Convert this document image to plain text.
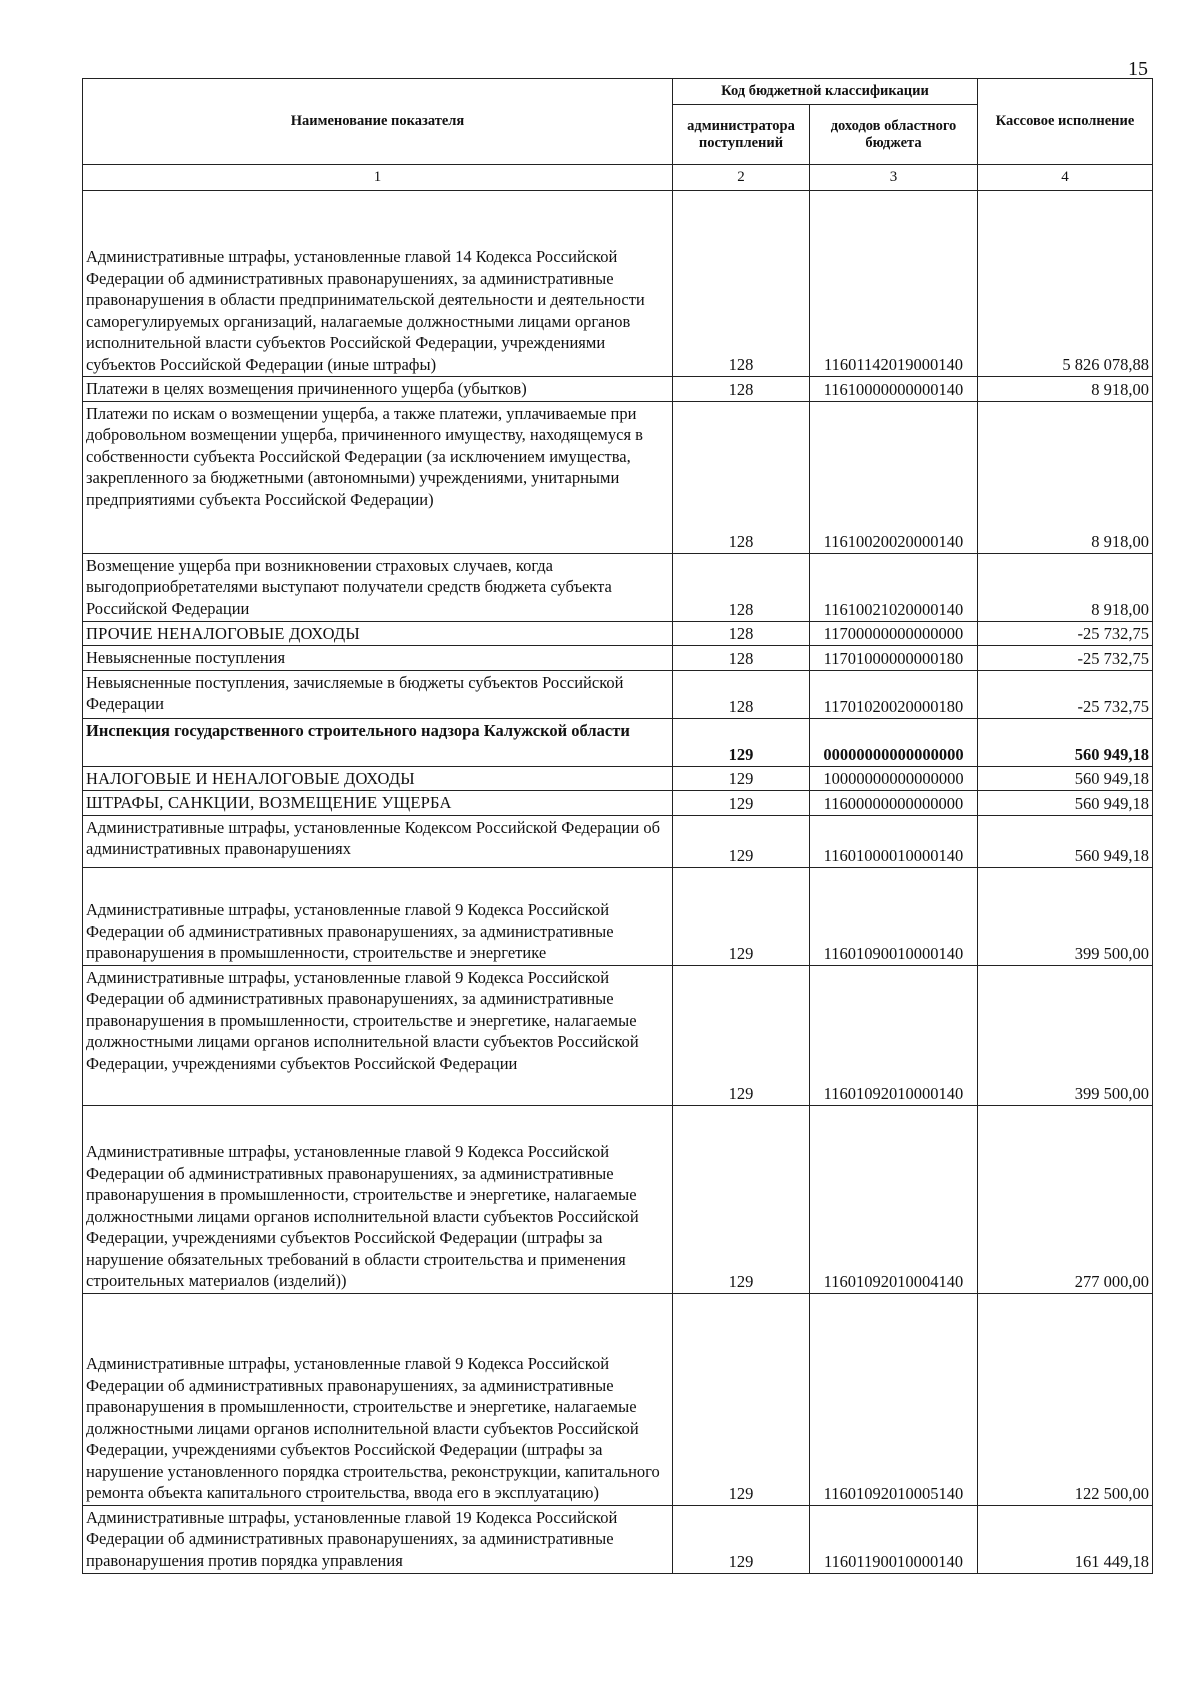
15
Наименование показателя	Код бюджетной классификации		Кассовое исполнение
	администратора поступлений	доходов областного бюджета	
1	2	3	4
Административные штрафы, установленные главой 14 Кодекса Российской Федерации об административных правонарушениях, за административные правонарушения в области предпринимательской деятельности и деятельности саморегулируемых организаций, налагаемые должностными лицами органов исполнительной власти субъектов Российской Федерации, учреждениями субъектов Российской Федерации (иные штрафы)	128	11601142019000140	5 826 078,88
Платежи в целях возмещения причиненного ущерба (убытков)	128	11610000000000140	8 918,00
Платежи по искам о возмещении ущерба, а также платежи, уплачиваемые при добровольном возмещении ущерба, причиненного имуществу, находящемуся в собственности субъекта Российской Федерации (за исключением имущества, закрепленного за бюджетными (автономными) учреждениями, унитарными предприятиями субъекта Российской Федерации)	128	11610020020000140	8 918,00
Возмещение ущерба при возникновении страховых случаев, когда выгодоприобретателями выступают получатели средств бюджета субъекта Российской Федерации	128	11610021020000140	8 918,00
ПРОЧИЕ НЕНАЛОГОВЫЕ ДОХОДЫ	128	11700000000000000	-25 732,75
Невыясненные поступления	128	11701000000000180	-25 732,75
Невыясненные поступления, зачисляемые в бюджеты субъектов Российской Федерации	128	11701020020000180	-25 732,75
Инспекция государственного строительного надзора Калужской области	129	00000000000000000	560 949,18
НАЛОГОВЫЕ И НЕНАЛОГОВЫЕ ДОХОДЫ	129	10000000000000000	560 949,18
ШТРАФЫ, САНКЦИИ, ВОЗМЕЩЕНИЕ УЩЕРБА	129	11600000000000000	560 949,18
Административные штрафы, установленные Кодексом Российской Федерации об административных правонарушениях	129	11601000010000140	560 949,18
Административные штрафы, установленные главой 9 Кодекса Российской Федерации об административных правонарушениях, за административные правонарушения в промышленности, строительстве и энергетике	129	11601090010000140	399 500,00
Административные штрафы, установленные главой 9 Кодекса Российской Федерации об административных правонарушениях, за административные правонарушения в промышленности, строительстве и энергетике, налагаемые должностными лицами органов исполнительной власти субъектов Российской Федерации, учреждениями субъектов Российской Федерации	129	11601092010000140	399 500,00
Административные штрафы, установленные главой 9 Кодекса Российской Федерации об административных правонарушениях, за административные правонарушения в промышленности, строительстве и энергетике, налагаемые должностными лицами органов исполнительной власти субъектов Российской Федерации, учреждениями субъектов Российской Федерации (штрафы за нарушение обязательных требований в области строительства и применения строительных материалов (изделий))	129	11601092010004140	277 000,00
Административные штрафы, установленные главой 9 Кодекса Российской Федерации об административных правонарушениях, за административные правонарушения в промышленности, строительстве и энергетике, налагаемые должностными лицами органов исполнительной власти субъектов Российской Федерации, учреждениями субъектов Российской Федерации (штрафы за нарушение установленного порядка строительства, реконструкции, капитального ремонта объекта капитального строительства, ввода его в эксплуатацию)	129	11601092010005140	122 500,00
Административные штрафы, установленные главой 19 Кодекса Российской Федерации об административных правонарушениях, за административные правонарушения против порядка управления	129	11601190010000140	161 449,18
